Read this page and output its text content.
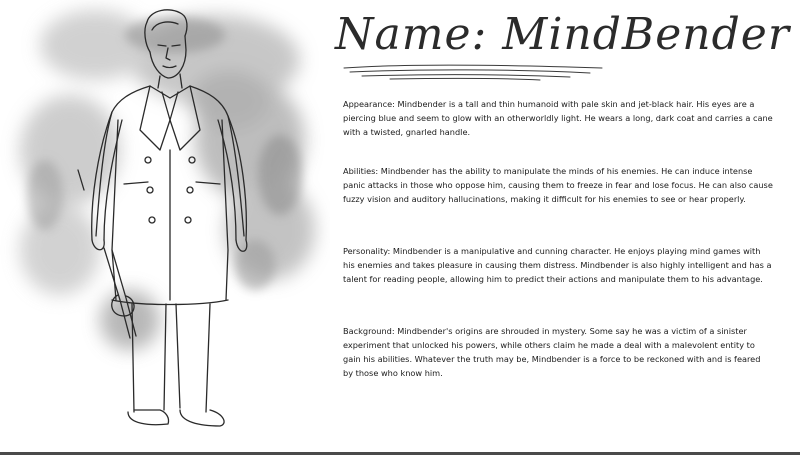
Name: MindBender

Appearance: Mindbender is a tall and thin humanoid with pale skin and jet-black hair. His eyes are a piercing blue and seem to glow with an otherworldly light. He wears a long, dark coat and carries a cane with a twisted, gnarled handle.

Abilities: Mindbender has the ability to manipulate the minds of his enemies. He can induce intense panic attacks in those who oppose him, causing them to freeze in fear and lose focus. He can also cause fuzzy vision and auditory hallucinations, making it difficult for his enemies to see or hear properly.

Personality: Mindbender is a manipulative and cunning character. He enjoys playing mind games with his enemies and takes pleasure in causing them distress. Mindbender is also highly intelligent and has a talent for reading people, allowing him to predict their actions and manipulate them to his advantage.

Background: Mindbender's origins are shrouded in mystery. Some say he was a victim of a sinister experiment that unlocked his powers, while others claim he made a deal with a malevolent entity to gain his abilities. Whatever the truth may be, Mindbender is a force to be reckoned with and is feared by those who know him.
